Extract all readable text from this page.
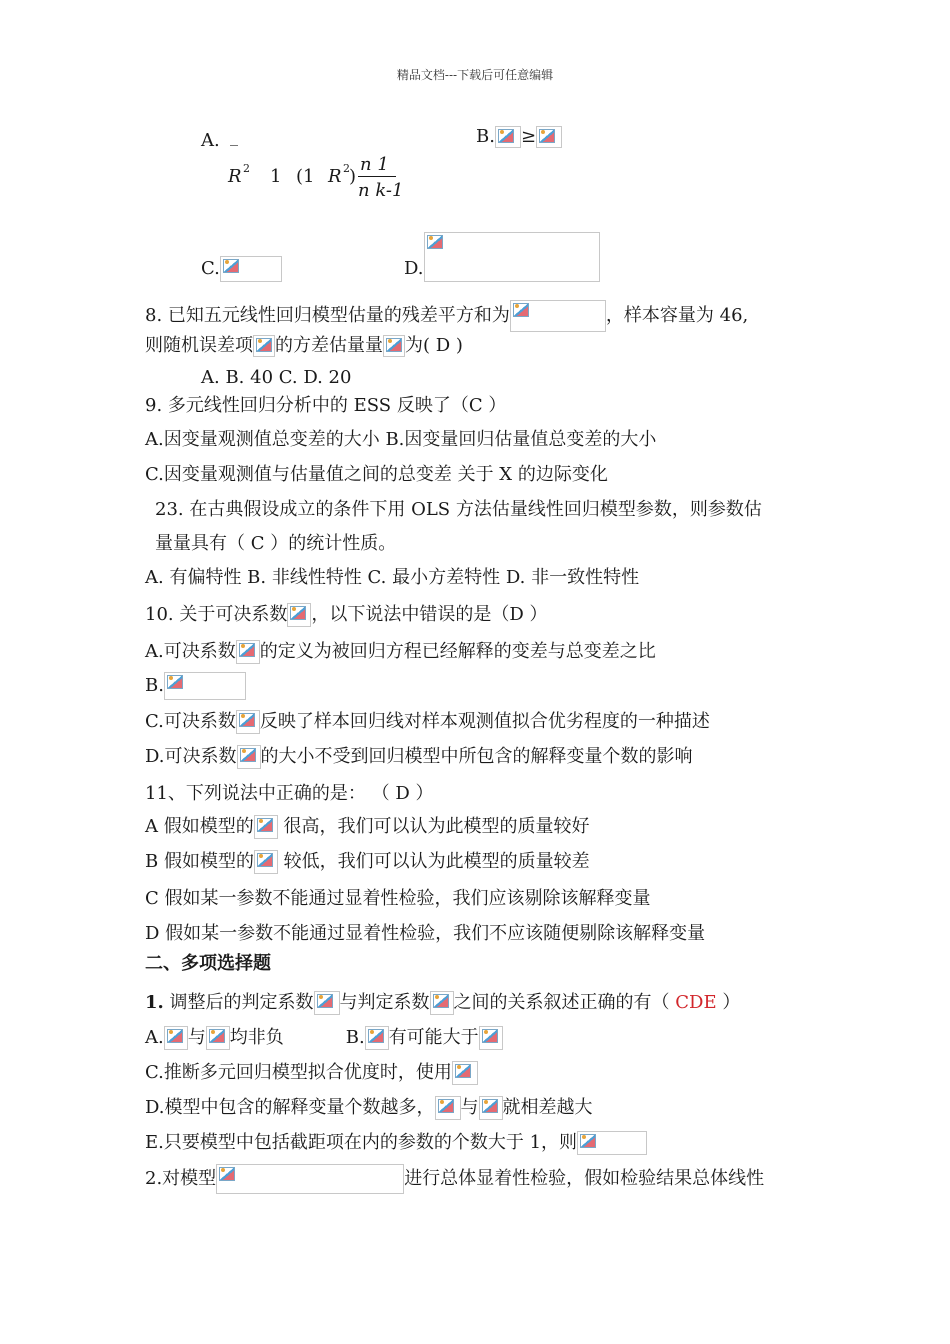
精品文档---下载后可任意编辑
A.	B. ≥
‾
R 2 1 (1 R 2 )
n 1
n k-1
C.	D.
8. 已知五元线性回归模型估量的残差平方和为	，样本容量为 46,
则随机误差项 的方差估量量 为( D )
A. B. 40 C. D. 20
9. 多元线性回归分析中的 ESS 反映了（C ）
A.因变量观测值总变差的大小 B.因变量回归估量值总变差的大小
C.因变量观测值与估量值之间的总变差 关于 X 的边际变化
23. 在古典假设成立的条件下用 OLS 方法估量线性回归模型参数，则参数估
量量具有（ C ）的统计性质。
A. 有偏特性 B. 非线性特性 C. 最小方差特性 D. 非一致性特性
10. 关于可决系数 ，以下说法中错误的是（D ）
A.可决系数 的定义为被回归方程已经解释的变差与总变差之比
B.
C.可决系数 反映了样本回归线对样本观测值拟合优劣程度的一种描述
D.可决系数 的大小不受到回归模型中所包含的解释变量个数的影响
11、下列说法中正确的是： （ D ）
A 假如模型的 很高，我们可以认为此模型的质量较好
B 假如模型的 较低，我们可以认为此模型的质量较差
C 假如某一参数不能通过显着性检验，我们应该剔除该解释变量
D 假如某一参数不能通过显着性检验，我们不应该随便剔除该解释变量
二、多项选择题
1. 调整后的判定系数 与判定系数 之间的关系叙述正确的有（ CDE ）
A. 与 均非负	B. 有可能大于
C.推断多元回归模型拟合优度时，使用
D.模型中包含的解释变量个数越多， 与 就相差越大
E.只要模型中包括截距项在内的参数的个数大于 1，则
2.对模型	进行总体显着性检验，假如检验结果总体线性
